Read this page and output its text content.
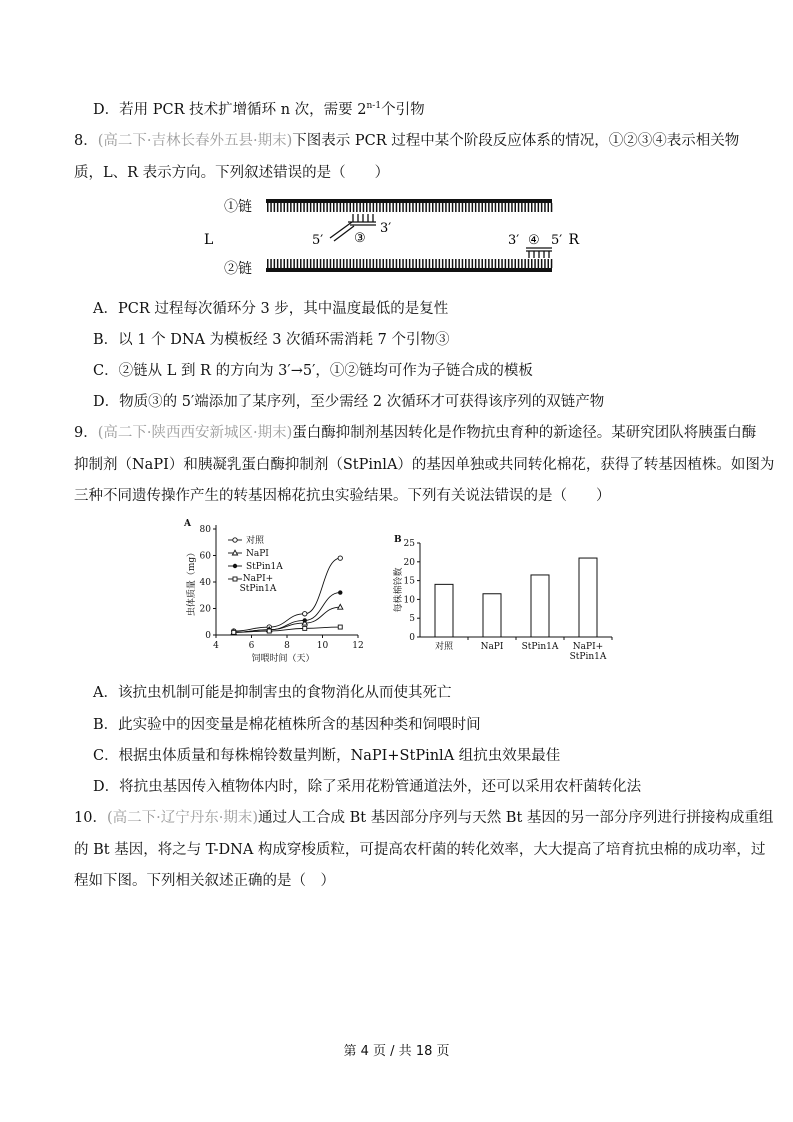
D．若用 PCR 技术扩增循环 n 次，需要 2$^{n-1}$个引物
8．(高二下·吉林长春外五县·期末)下图表示 PCR 过程中某个阶段反应体系的情况，①②③④表示相关物
质，L、R 表示方向。下列叙述错误的是（　　）
①链
②链
L	R
5′
3′
③	3′ ④ 5′
A．PCR 过程每次循环分 3 步，其中温度最低的是复性
B．以 1 个 DNA 为模板经 3 次循环需消耗 7 个引物③
C．②链从 L 到 R 的方向为 3′→5′，①②链均可作为子链合成的模板
D．物质③的 5′端添加了某序列，至少需经 2 次循环才可获得该序列的双链产物
9．(高二下·陕西西安新城区·期末)蛋白酶抑制剂基因转化是作物抗虫育种的新途径。某研究团队将胰蛋白酶
抑制剂（NaPI）和胰凝乳蛋白酶抑制剂（StPinlA）的基因单独或共同转化棉花，获得了转基因植株。如图为
三种不同遗传操作产生的转基因棉花抗虫实验结果。下列有关说法错误的是（　　）
A
0
20
40
60
80
4	6	8	10	12
饲喂时间（天）
虫体质量（mg）
对照
NaPI
StPin1A
NaPI+
StPin1A
B
0
5
10
15
20
25
每株棉铃数
对照	NaPI StPin1A NaPI+
StPin1A
A．该抗虫机制可能是抑制害虫的食物消化从而使其死亡
B．此实验中的因变量是棉花植株所含的基因种类和饲喂时间
C．根据虫体质量和每株棉铃数量判断，NaPI+StPinlA 组抗虫效果最佳
D．将抗虫基因传入植物体内时，除了采用花粉管通道法外，还可以采用农杆菌转化法
10．(高二下·辽宁丹东·期末)通过人工合成 Bt 基因部分序列与天然 Bt 基因的另一部分序列进行拼接构成重组
的 Bt 基因，将之与 T-DNA 构成穿梭质粒，可提高农杆菌的转化效率，大大提高了培育抗虫棉的成功率，过
程如下图。下列相关叙述正确的是（　）
第 4 页 / 共 18 页
